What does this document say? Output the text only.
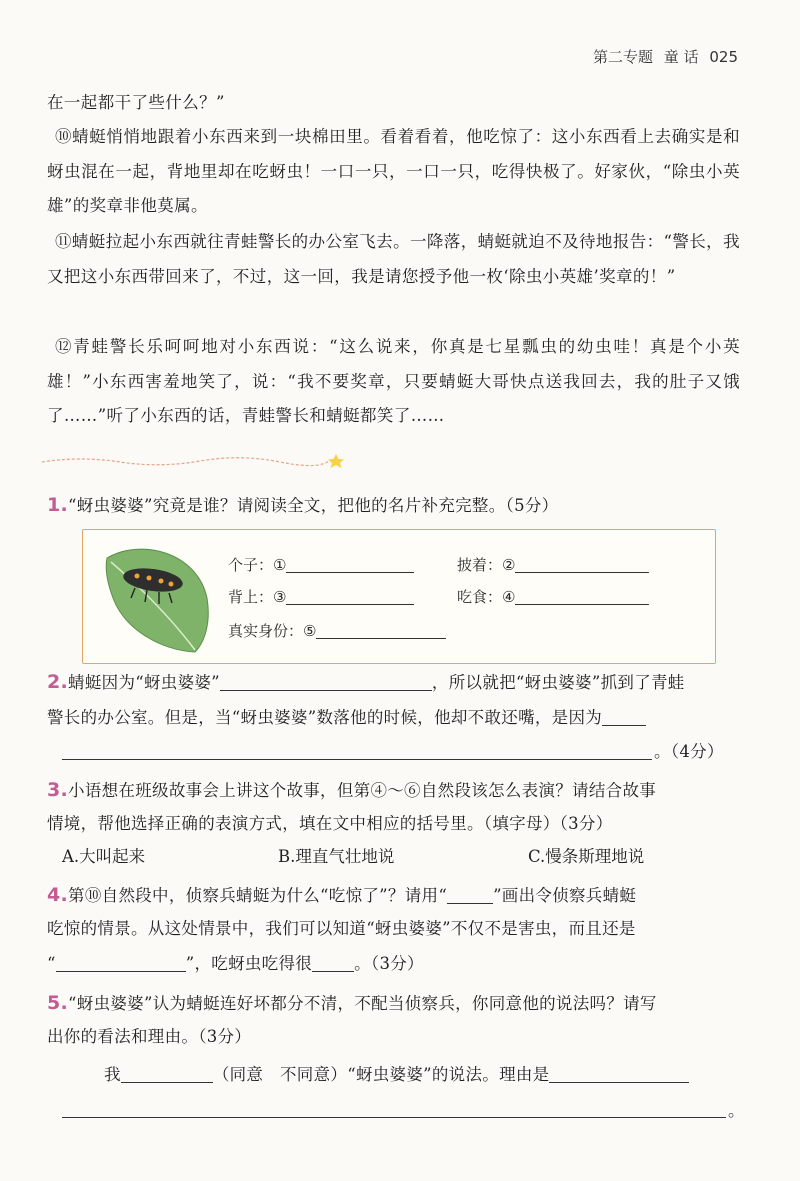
第二专题 童 话 025
在一起都干了些什么？”
⑩蜻蜓悄悄地跟着小东西来到一块棉田里。看着看着，他吃惊了：这小东西看上去确实是和蚜虫混在一起，背地里却在吃蚜虫！一口一只，一口一只，吃得快极了。好家伙，“除虫小英雄”的奖章非他莫属。
⑪蜻蜓拉起小东西就往青蛙警长的办公室飞去。一降落，蜻蜓就迫不及待地报告：“警长，我又把这小东西带回来了，不过，这一回，我是请您授予他一枚‘除虫小英雄’奖章的！”
⑫青蛙警长乐呵呵地对小东西说：“这么说来，你真是七星瓢虫的幼虫哇！真是个小英雄！”小东西害羞地笑了，说：“我不要奖章，只要蜻蜓大哥快点送我回去，我的肚子又饿了……”听了小东西的话，青蛙警长和蜻蜓都笑了……
1.“蚜虫婆婆”究竟是谁？请阅读全文，把他的名片补充完整。（5分）
个子：①	披着：②
背上：③	吃食：④
真实身份：⑤
2.蜻蜓因为“蚜虫婆婆”	，所以就把“蚜虫婆婆”抓到了青蛙
警长的办公室。但是，当“蚜虫婆婆”数落他的时候，他却不敢还嘴，是因为
。（4分）
3.小语想在班级故事会上讲这个故事，但第④～⑥自然段该怎么表演？请结合故事
情境，帮他选择正确的表演方式，填在文中相应的括号里。（填字母）（3分）
A.大叫起来	B.理直气壮地说	C.慢条斯理地说
4.第⑩自然段中，侦察兵蜻蜓为什么“吃惊了”？请用“	”画出令侦察兵蜻蜓
吃惊的情景。从这处情景中，我们可以知道“蚜虫婆婆”不仅不是害虫，而且还是
“	”，吃蚜虫吃得很	。（3分）
5.“蚜虫婆婆”认为蜻蜓连好坏都分不清，不配当侦察兵，你同意他的说法吗？请写
出你的看法和理由。（3分）
我	（同意　不同意）“蚜虫婆婆”的说法。理由是
。
